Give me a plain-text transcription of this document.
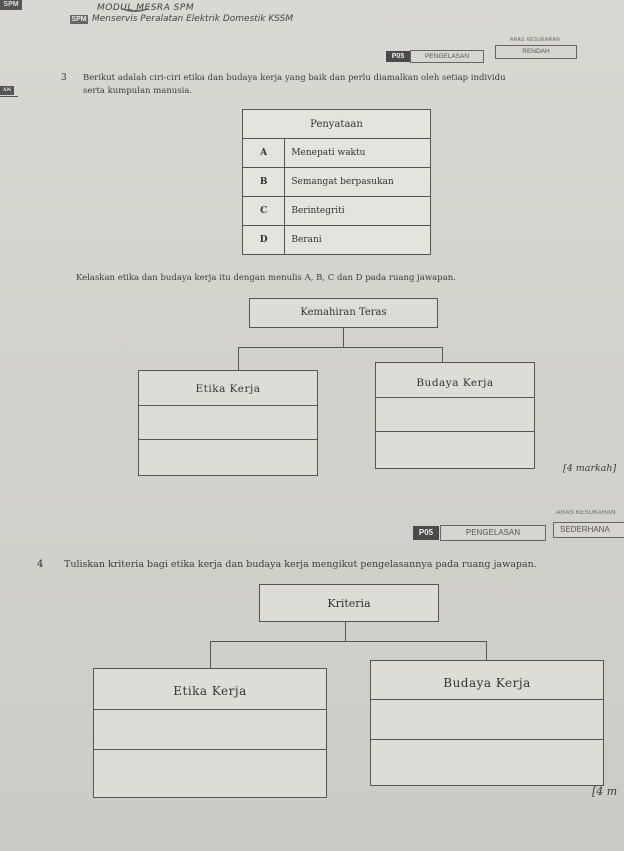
SPM	MODUL MESRA SPM
SPM Menservis Peralatan Elektrik Domestik KSSM
ARAS KESUKARAN
P05	PENGELASAN
RENDAH
AN
3 Berikut adalah ciri-ciri etika dan budaya kerja yang baik dan perlu diamalkan oleh setiap individu
serta kumpulan manusia.
Penyataan	
A	Menepati waktu
B	Semangat berpasukan
C	Berintegriti
D	Berani
Kelaskan etika dan budaya kerja itu dengan menulis A, B, C dan D pada ruang jawapan.
Kemahiran Teras
Etika Kerja	Budaya Kerja
[4 markah]
ARAS KESUKARAN
P05	PENGELASAN	SEDERHANA
4 Tuliskan kriteria bagi etika kerja dan budaya kerja mengikut pengelasannya pada ruang jawapan.
Kriteria
Etika Kerja
Budaya Kerja
[4 m
